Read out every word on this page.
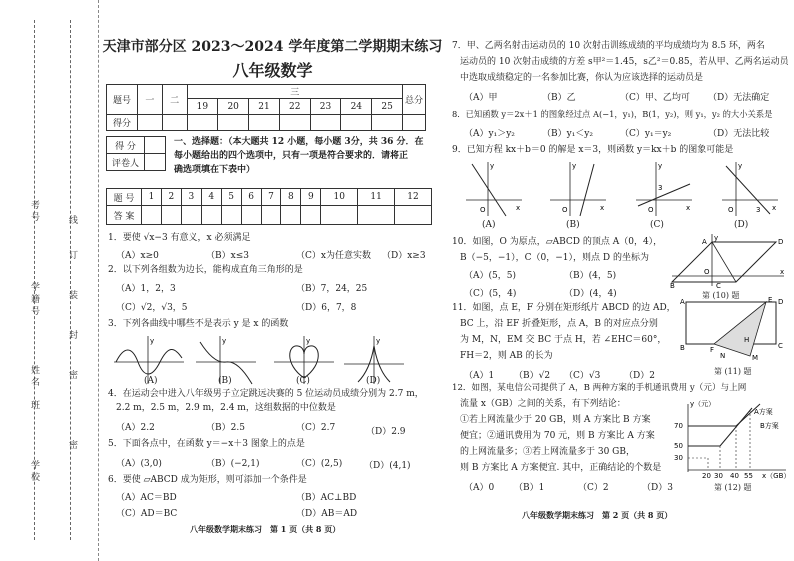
考号
学籍号
姓名
班
学校
线
订
装
封
密
密
天津市部分区 2023～2024 学年度第二学期期末练习
八年级数学
题号	一	二	三							总分
			19	20	21	22	23	24	25	
得分										
得 分	
评卷人	
一、选择题：（本大题共 12 小题，每小题 3分，共 36 分．在
每小题给出的四个选项中，只有一项是符合要求的．请将正
确选项填在下表中）
题 号	1	2	3	4	5	6	7	8	9	10	11	12
答 案												
1．要使 √x−3 有意义，x 必须满足
（A）x≥0	（B）x≤3	（C）x为任意实数 （D）x≥3
2．以下列各组数为边长，能构成直角三角形的是
（A）1，2，3	（B）7，24，25
（C）√2，√3，5	（D）6，7，8
3．下列各曲线中哪些不是表示 y 是 x 的函数
y	y	y	y
(A)	(B)	(C)	(D)
4．在运动会中进入八年级男子立定跳远决赛的 5 位运动员成绩分别为 2.7 m，
2.2 m，2.5 m，2.9 m，2.4 m，这组数据的中位数是
（A）2.2	（B）2.5	（C）2.7	（D）2.9
5．下面各点中，在函数 y＝−x＋3 图象上的点是
（A）(3,0)	（B）(−2,1)	（C）(2,5) （D）(4,1)
6．要使 ▱ABCD 成为矩形，则可添加一个条件是
（A）AC＝BD	（B）AC⊥BD
（C）AD＝BC	（D）AB＝AD
八年级数学期末练习　第 1 页（共 8 页）
7．甲、乙两名射击运动员的 10 次射击训练成绩的平均成绩均为 8.5 环，两名
运动员的 10 次射击成绩的方差 s甲²＝1.45，s乙²＝0.85，若从甲、乙两名运动员
中选取成绩稳定的一名参加比赛，你认为应该选择的运动员是
（A）甲	（B）乙	（C）甲、乙均可 （D）无法确定
8．已知函数 y＝2x＋1 的图象经过点 A(−1，y₁)，B(1，y₂)，则 y₁，y₂ 的大小关系是
（A）y₁＞y₂	（B）y₁＜y₂	（C）y₁＝y₂	（D）无法比较
9．已知方程 kx＋b＝0 的解是 x＝3，则函数 y＝kx＋b 的图象可能是
O	x
y
O	x
y
3
O	x
y
O	3 x
y
(A)	(B)	(C)	(D)
10．如图，O 为原点，▱ABCD 的顶点 A（0，4），
B（−5，−1），C（0，−1），则点 D 的坐标为
（A）(5，5)	（B）(4，5)
（C）(5，4)	（D）(4，4)
A	D
B	C
O	x
y
第 (10) 题
11．如图，点 E，F 分别在矩形纸片 ABCD 的边 AD，
BC 上，沿 EF 折叠矩形，点 A，B 的对应点分别
为 M，N，EM 交 BC 于点 H，若 ∠EHC＝60°，
FH＝2，则 AB 的长为
（A）1 （B）√2 （C）√3	（D）2
A	E D
B	F
H
C
N	M
第 (11) 题
12．如图，某电信公司提供了 A，B 两种方案的手机通讯费用 y（元）与上网
流量 x（GB）之间的关系，有下列结论：
①若上网流量少于 20 GB，则 A 方案比 B 方案
便宜；②通讯费用为 70 元，则 B 方案比 A 方案
的上网流量多；③若上网流量多于 30 GB，
则 B 方案比 A 方案便宜. 其中，正确结论的个数是
（A）0 （B）1	（C）2	（D）3
y（元）
A方案
B方案
70
50
30
20 30 40 55 x（GB）
第 (12) 题
八年级数学期末练习　第 2 页（共 8 页）
